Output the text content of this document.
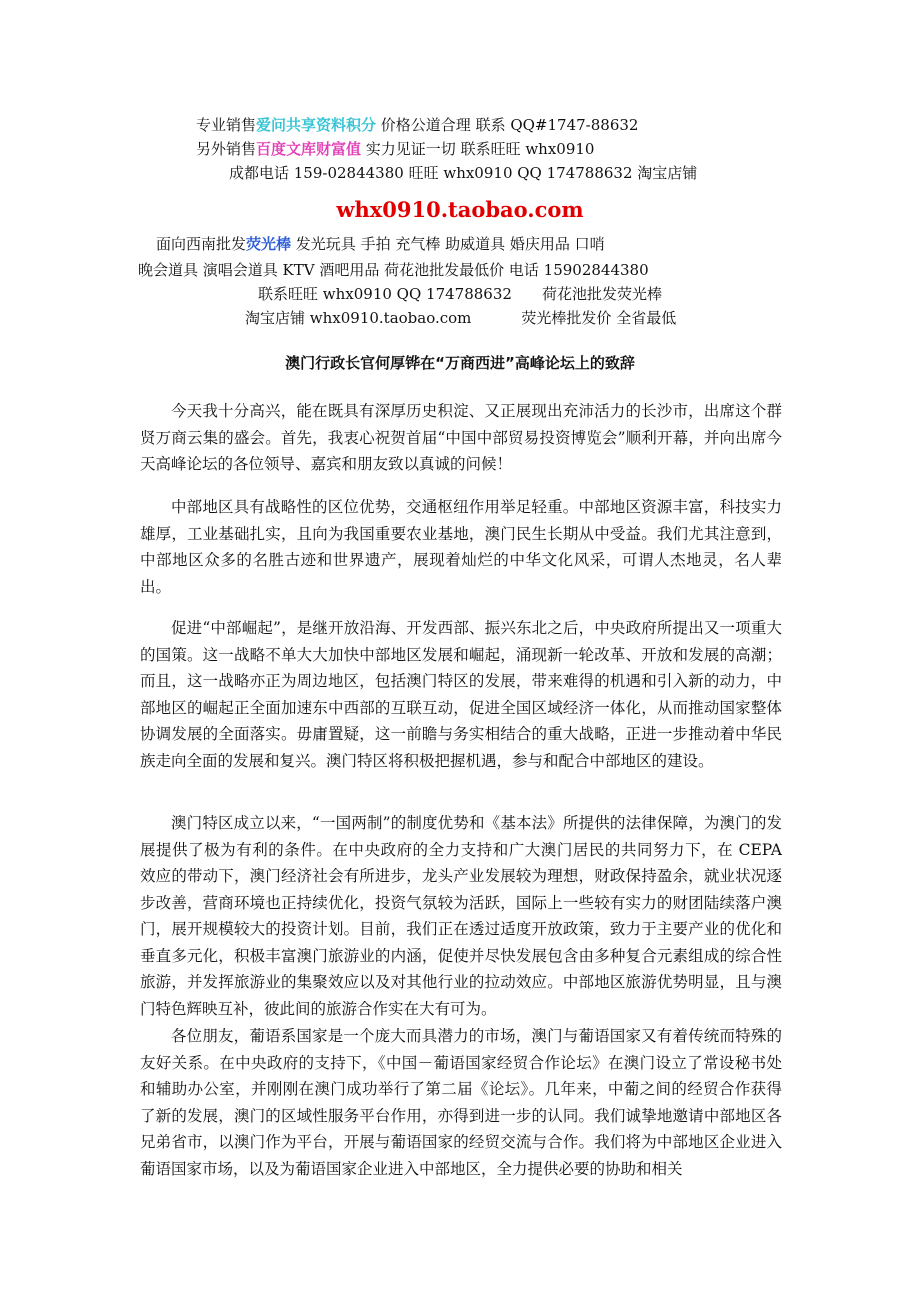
专业销售爱问共享资料积分 价格公道合理 联系 QQ#1747-88632
另外销售百度文库财富值 实力见证一切 联系旺旺 whx0910
成都电话 159-02844380 旺旺 whx0910 QQ 174788632 淘宝店铺
whx0910.taobao.com
面向西南批发荧光棒 发光玩具 手拍 充气棒 助威道具 婚庆用品 口哨
晚会道具 演唱会道具 KTV 酒吧用品 荷花池批发最低价 电话 15902844380
联系旺旺 whx0910 QQ 174788632 荷花池批发荧光棒
淘宝店铺 whx0910.taobao.com	荧光棒批发价 全省最低
澳门行政长官何厚铧在“万商西进”高峰论坛上的致辞

今天我十分高兴，能在既具有深厚历史积淀、又正展现出充沛活力的长沙市，出席这个群贤万商云集的盛会。首先，我衷心祝贺首届“中国中部贸易投资博览会”顺利开幕，并向出席今天高峰论坛的各位领导、嘉宾和朋友致以真诚的问候！

中部地区具有战略性的区位优势，交通枢纽作用举足轻重。中部地区资源丰富，科技实力雄厚，工业基础扎实，且向为我国重要农业基地，澳门民生长期从中受益。我们尤其注意到，中部地区众多的名胜古迹和世界遗产，展现着灿烂的中华文化风采，可谓人杰地灵，名人辈出。

促进“中部崛起”，是继开放沿海、开发西部、振兴东北之后，中央政府所提出又一项重大的国策。这一战略不单大大加快中部地区发展和崛起，涌现新一轮改革、开放和发展的高潮；而且，这一战略亦正为周边地区，包括澳门特区的发展，带来难得的机遇和引入新的动力，中部地区的崛起正全面加速东中西部的互联互动，促进全国区域经济一体化，从而推动国家整体协调发展的全面落实。毋庸置疑，这一前瞻与务实相结合的重大战略，正进一步推动着中华民族走向全面的发展和复兴。澳门特区将积极把握机遇，参与和配合中部地区的建设。

澳门特区成立以来，“一国两制”的制度优势和《基本法》所提供的法律保障，为澳门的发展提供了极为有利的条件。在中央政府的全力支持和广大澳门居民的共同努力下，在 CEPA 效应的带动下，澳门经济社会有所进步，龙头产业发展较为理想，财政保持盈余，就业状况逐步改善，营商环境也正持续优化，投资气氛较为活跃，国际上一些较有实力的财团陆续落户澳门，展开规模较大的投资计划。目前，我们正在透过适度开放政策，致力于主要产业的优化和垂直多元化，积极丰富澳门旅游业的内涵，促使并尽快发展包含由多种复合元素组成的综合性旅游，并发挥旅游业的集聚效应以及对其他行业的拉动效应。中部地区旅游优势明显，且与澳门特色辉映互补，彼此间的旅游合作实在大有可为。

各位朋友，葡语系国家是一个庞大而具潜力的市场，澳门与葡语国家又有着传统而特殊的友好关系。在中央政府的支持下，《中国－葡语国家经贸合作论坛》在澳门设立了常设秘书处和辅助办公室，并刚刚在澳门成功举行了第二届《论坛》。几年来，中葡之间的经贸合作获得了新的发展，澳门的区域性服务平台作用，亦得到进一步的认同。我们诚挚地邀请中部地区各兄弟省市，以澳门作为平台，开展与葡语国家的经贸交流与合作。我们将为中部地区企业进入葡语国家市场，以及为葡语国家企业进入中部地区，全力提供必要的协助和相关
